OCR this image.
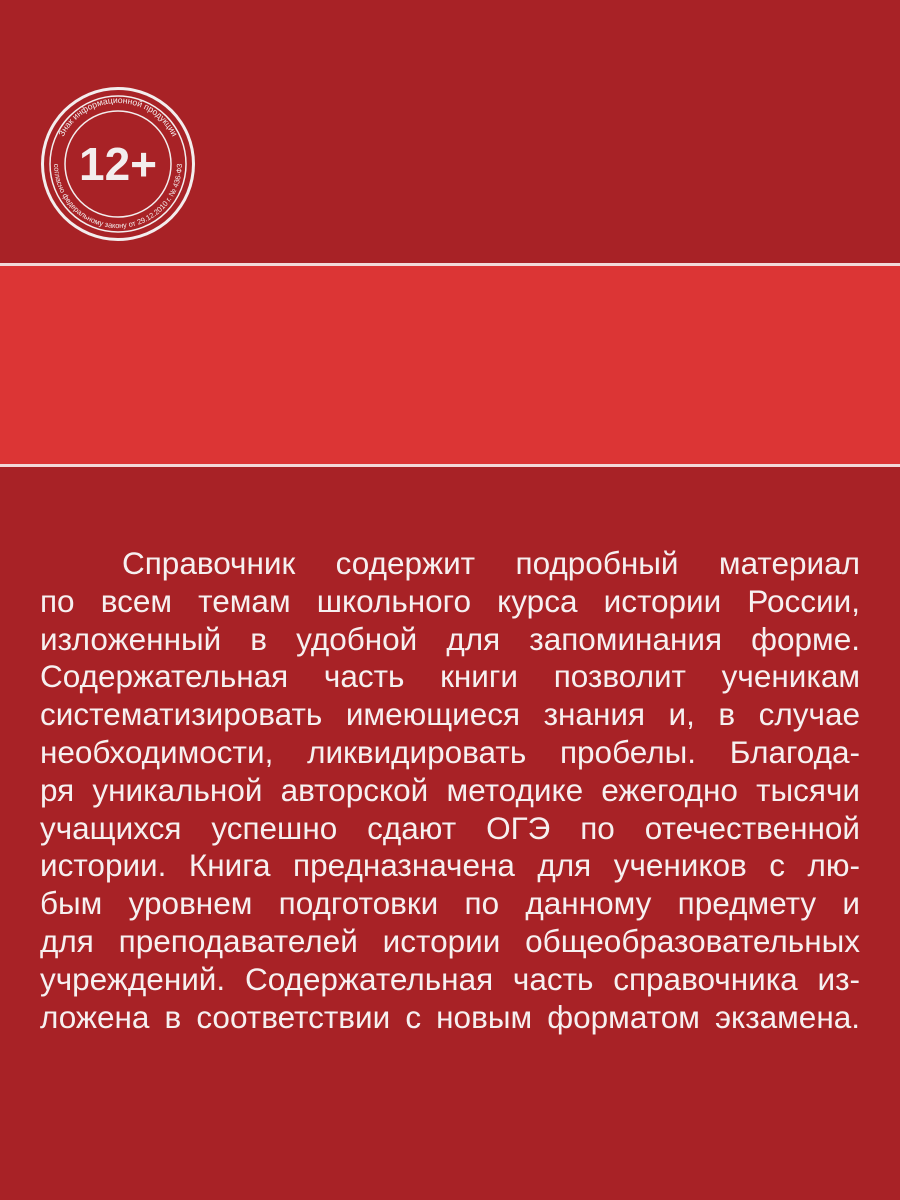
Знак информационной продукции
согласно федеральному закону от 29.12.2010 г. № 436-ФЗ
12+

Справочник содержит подробный материал
по всем темам школьного курса истории России,
изложенный в удобной для запоминания форме.
Содержательная часть книги позволит ученикам
систематизировать имеющиеся знания и, в случае
необходимости, ликвидировать пробелы. Благода-
ря уникальной авторской методике ежегодно тысячи
учащихся успешно сдают ОГЭ по отечественной
истории. Книга предназначена для учеников с лю-
бым уровнем подготовки по данному предмету и
для преподавателей истории общеобразовательных
учреждений. Содержательная часть справочника из-
ложена в соответствии с новым форматом экзамена.
